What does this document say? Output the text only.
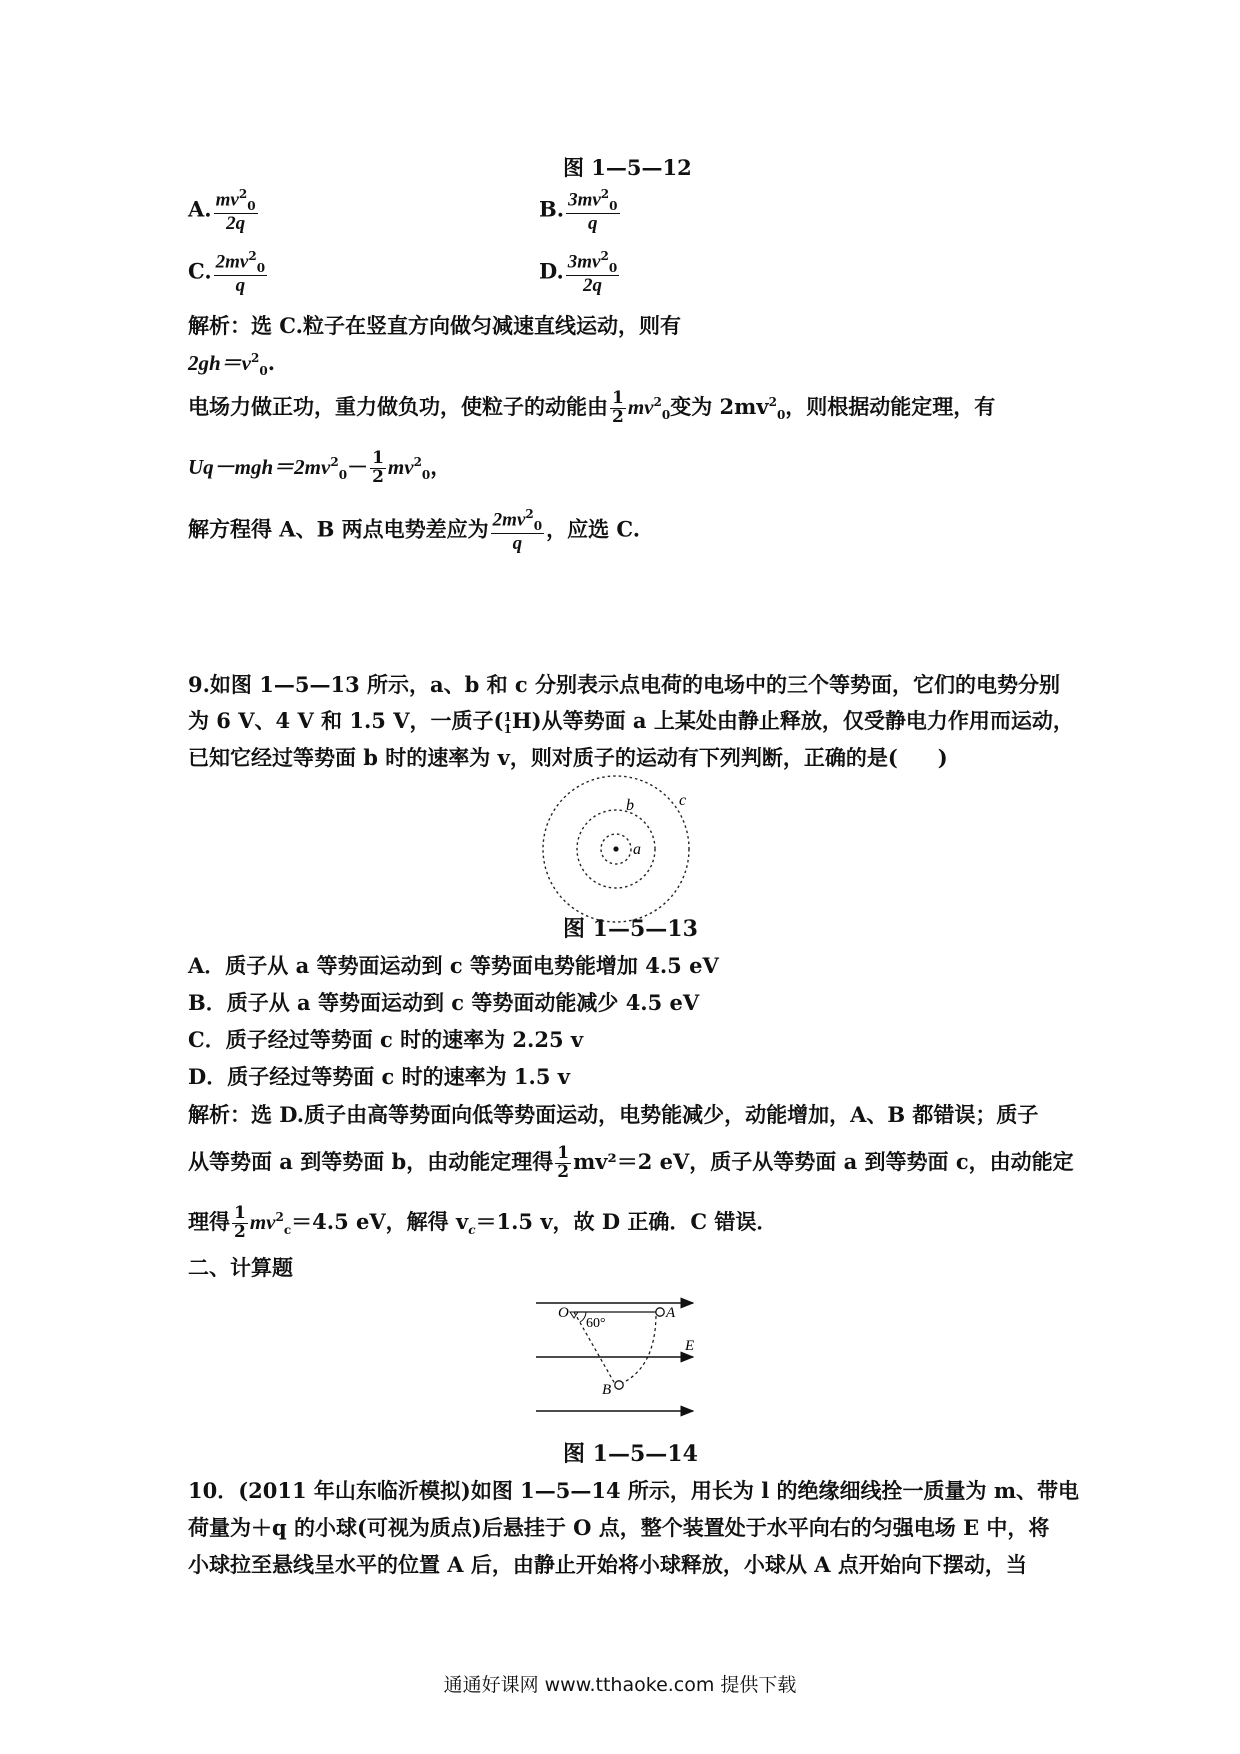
图 1—5—12
A. $\frac{mv^2_0}{2q}$	B. $\frac{3mv^2_0}{q}$
C. $\frac{2mv^2_0}{q}$	D. $\frac{3mv^2_0}{2q}$
解析：选 C.粒子在竖直方向做匀减速直线运动，则有
$2gh=v^2_0$.
电场力做正功，重力做负功，使粒子的动能由 $\frac{1}{2} mv^2_0$变为 $2mv^2_0$，则根据动能定理，有
$Uq-mgh=2mv^2_0- \frac{1}{2} mv^2_0$，
解方程得 A、B 两点电势差应为 $\frac{2mv^2_0}{q}$ ，应选 C.
9.如图 1—5—13 所示，a、b 和 c 分别表示点电荷的电场中的三个等势面，它们的电势分别
为 6 V、4 V 和 1.5 V，一质子( 1
1 H)从等势面 a 上某处由静止释放，仅受静电力作用而运动，
已知它经过等势面 b 时的速率为 v，则对质子的运动有下列判断，正确的是( )
a
b	c
图 1—5—13
A．质子从 a 等势面运动到 c 等势面电势能增加 4.5 eV
B．质子从 a 等势面运动到 c 等势面动能减少 4.5 eV
C．质子经过等势面 c 时的速率为 2.25 v
D．质子经过等势面 c 时的速率为 1.5 v
解析：选 D.质子由高等势面向低等势面运动，电势能减少，动能增加，A、B 都错误；质子
从等势面 a 到等势面 b，由动能定理得 $\frac{1}{2} mv^2=2$ eV，质子从等势面 a 到等势面 c，由动能定
理得 $\frac{1}{2} mv^2_c=4.5$ eV，解得 $v_c=1.5$ v，故 D 正确．C 错误．
二、计算题
O	A
E
B
60°
图 1—5—14
10．(2011 年山东临沂模拟)如图 1—5—14 所示，用长为 l 的绝缘细线拴一质量为 m、带电
荷量为＋q 的小球(可视为质点)后悬挂于 O 点，整个装置处于水平向右的匀强电场 E 中，将
小球拉至悬线呈水平的位置 A 后，由静止开始将小球释放，小球从 A 点开始向下摆动，当
通通好课网 www.tthaoke.com 提供下载
